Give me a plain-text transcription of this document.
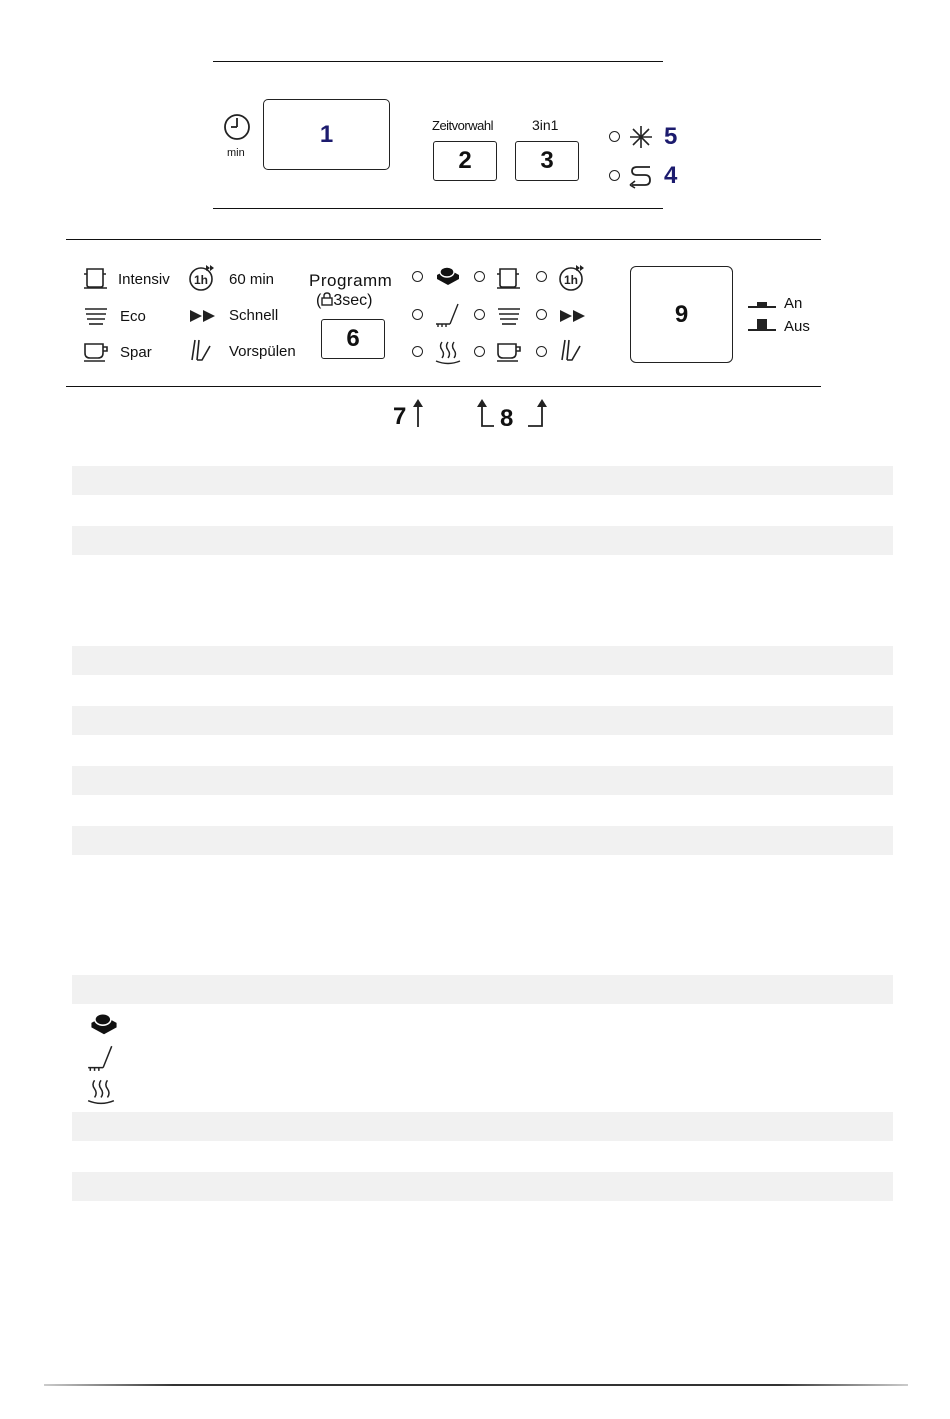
min
1	Zeitvorwahl
2
3in1
3
5
4
Intensiv
Eco
Spar
1h 60 min
Schnell
Vorspülen
Programm
( 3sec)
6
1h
9	An
Aus
7	8
